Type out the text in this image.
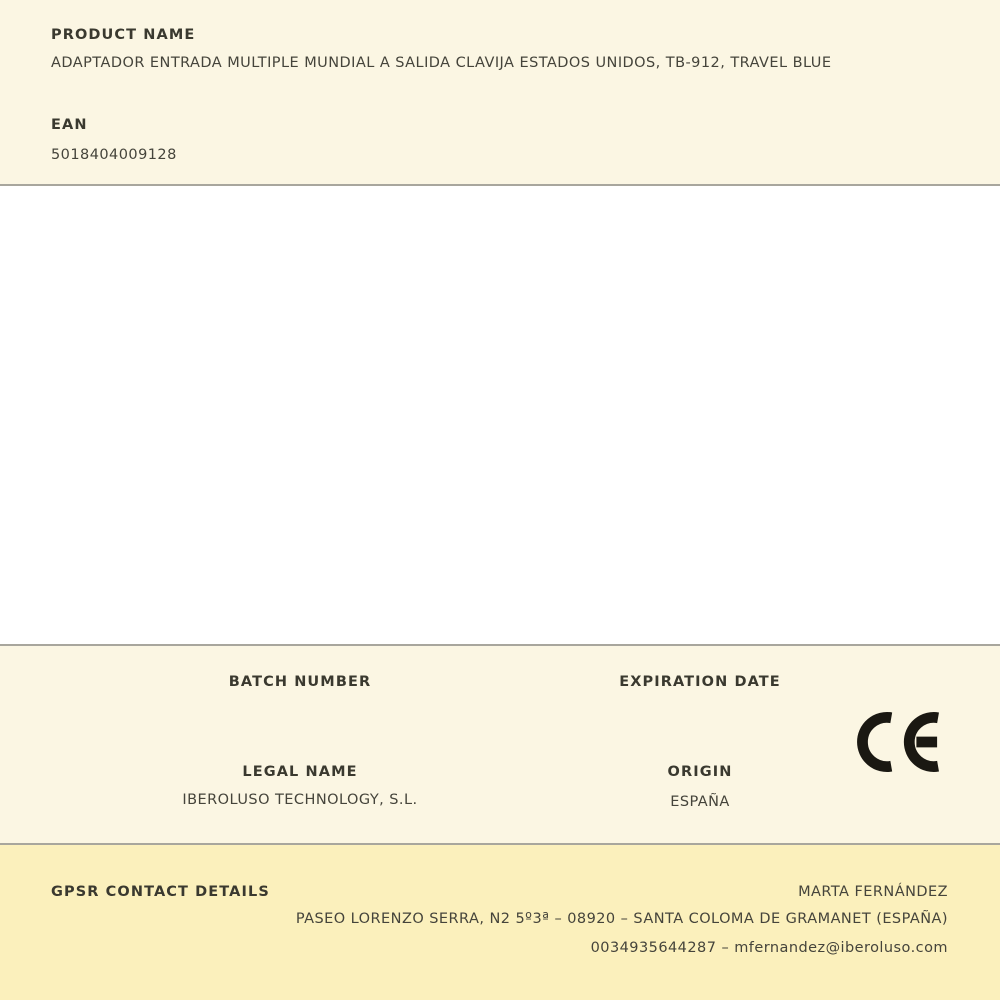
PRODUCT NAME
ADAPTADOR ENTRADA MULTIPLE MUNDIAL A SALIDA CLAVIJA ESTADOS UNIDOS, TB-912, TRAVEL BLUE
EAN
5018404009128
BATCH NUMBER	EXPIRATION DATE
LEGAL NAME
IBEROLUSO TECHNOLOGY, S.L.
ORIGIN
ESPAÑA
GPSR CONTACT DETAILS	MARTA FERNÁNDEZ
PASEO LORENZO SERRA, N2 5º3ª – 08920 – SANTA COLOMA DE GRAMANET (ESPAÑA)
0034935644287 – mfernandez@iberoluso.com
